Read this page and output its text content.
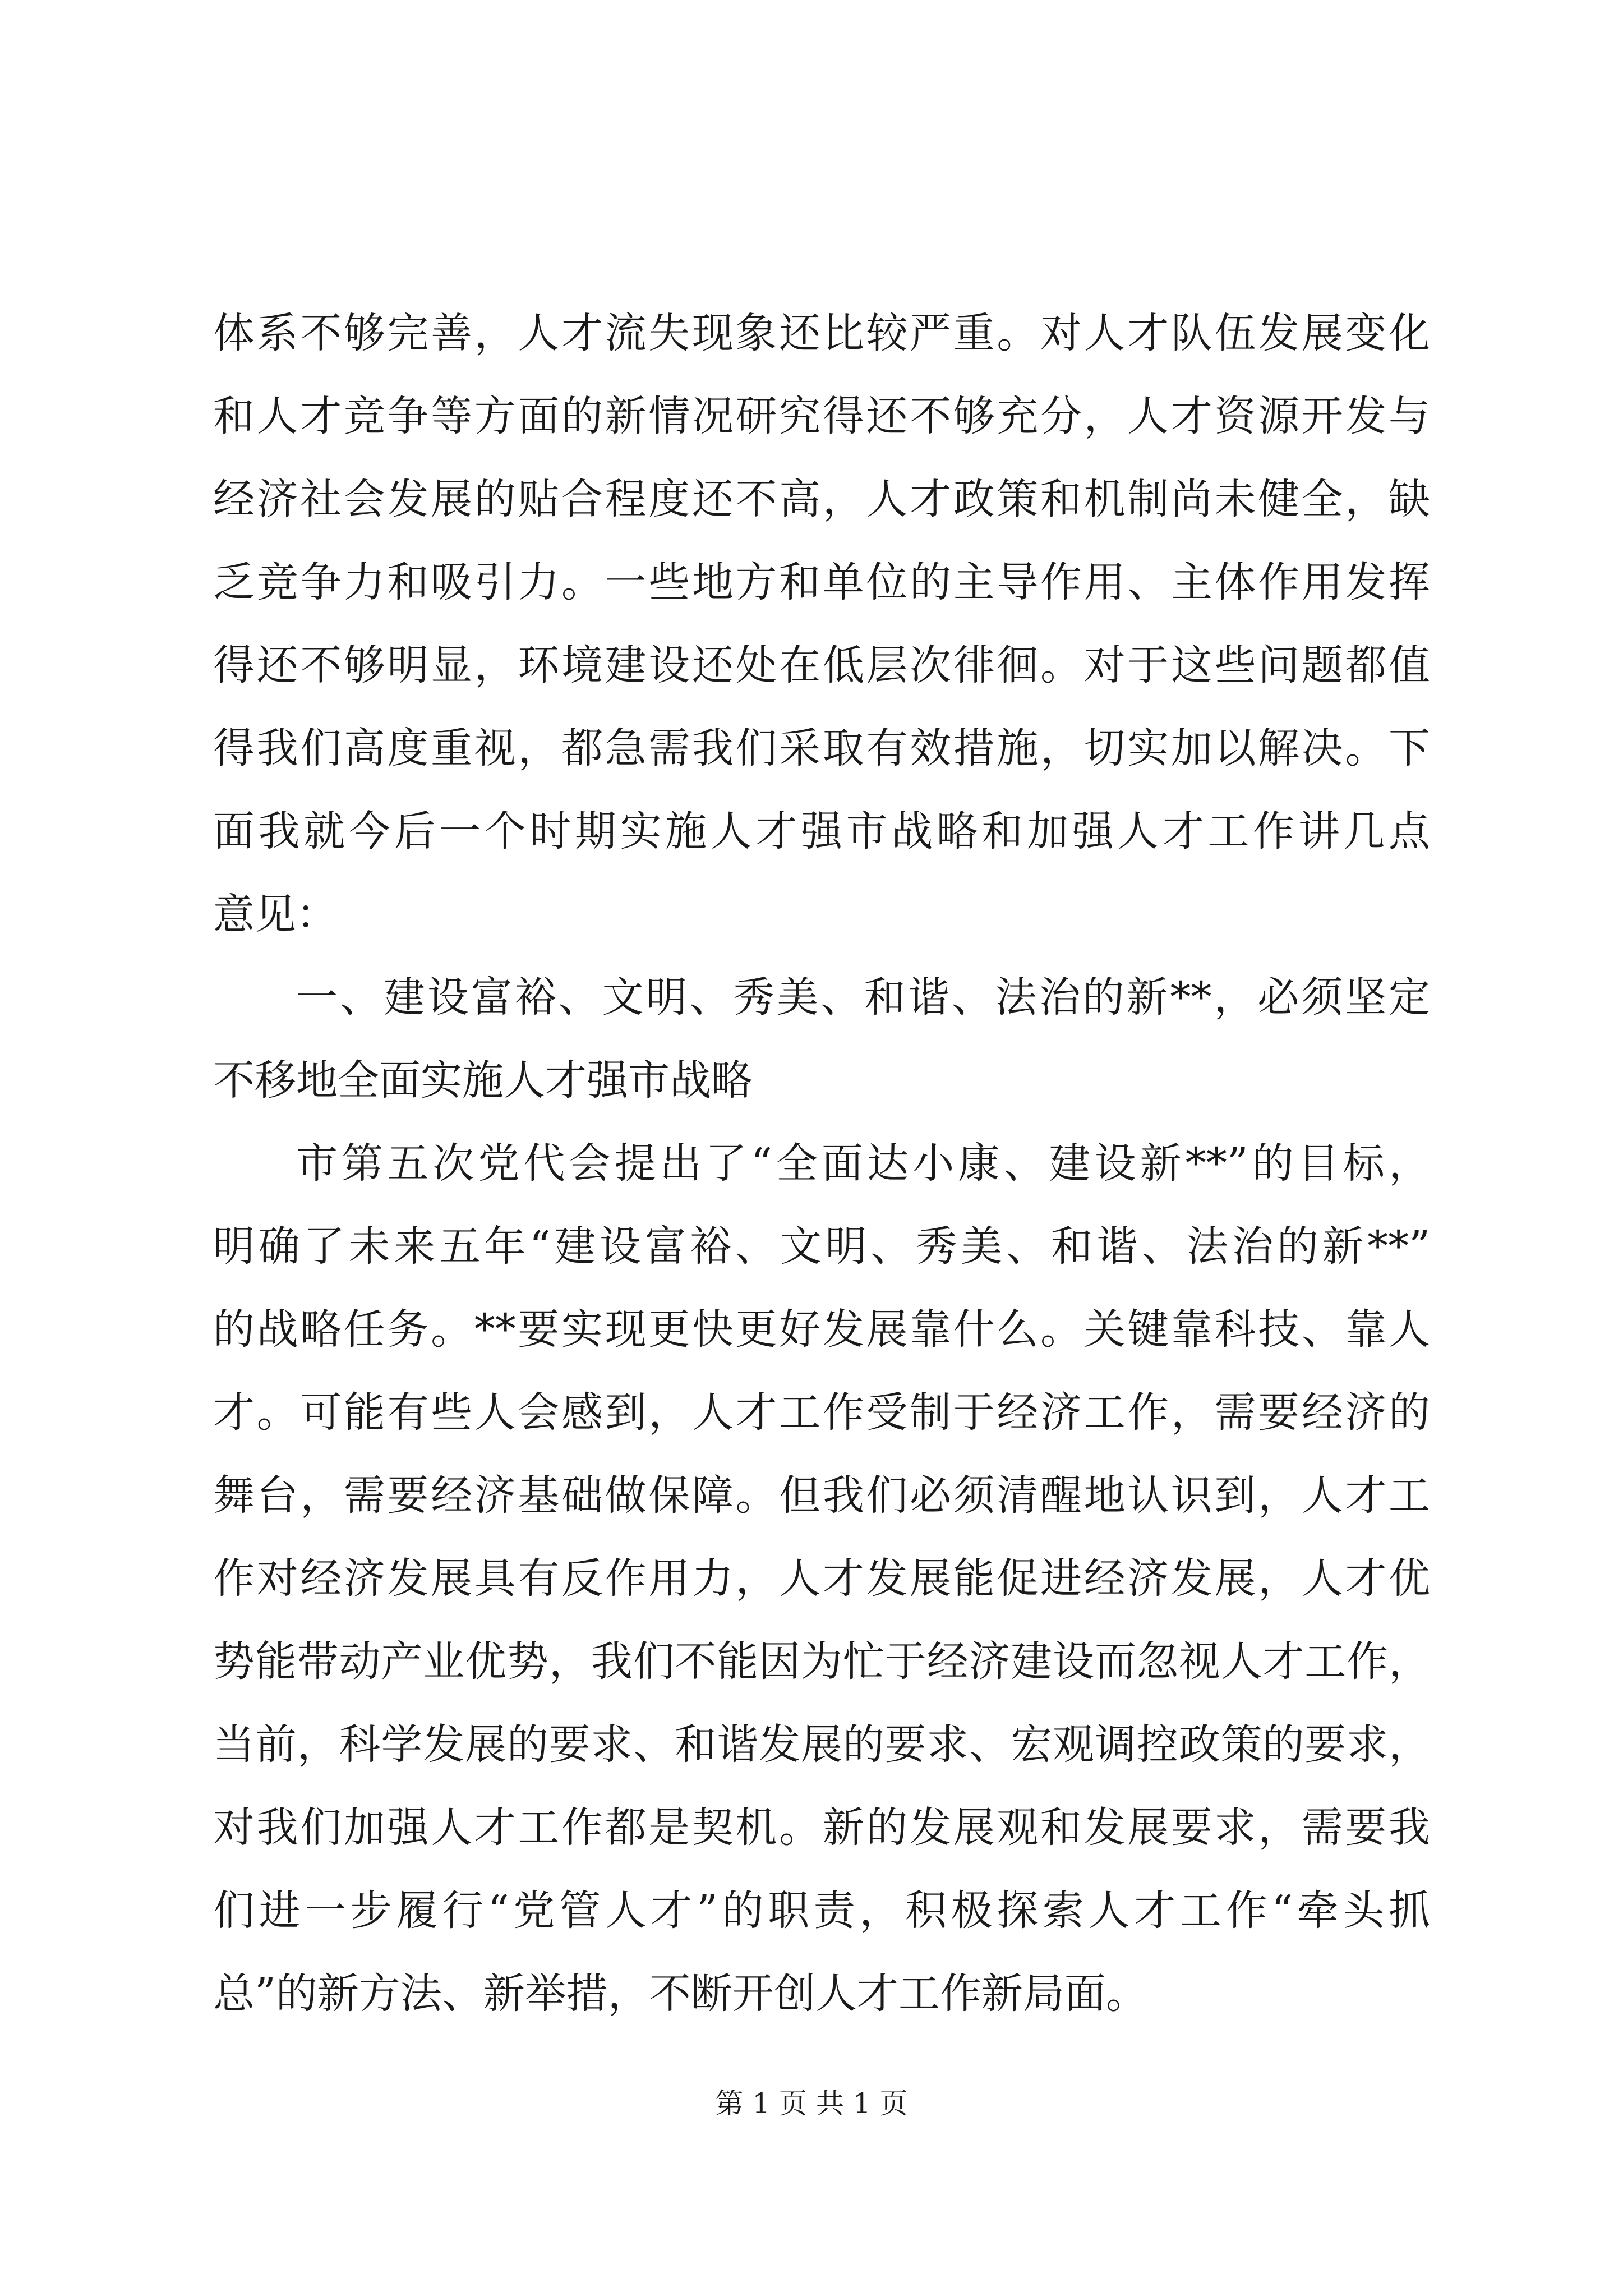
体系不够完善，人才流失现象还比较严重。对人才队伍发展变化
和人才竞争等方面的新情况研究得还不够充分，人才资源开发与
经济社会发展的贴合程度还不高，人才政策和机制尚未健全，缺
乏竞争力和吸引力。一些地方和单位的主导作用、主体作用发挥
得还不够明显，环境建设还处在低层次徘徊。对于这些问题都值
得我们高度重视，都急需我们采取有效措施，切实加以解决。下
面我就今后一个时期实施人才强市战略和加强人才工作讲几点
意见：
一、建设富裕、文明、秀美、和谐、法治的新**，必须坚定
不移地全面实施人才强市战略
市第五次党代会提出了“全面达小康、建设新**”的目标，
明确了未来五年“建设富裕、文明、秀美、和谐、法治的新**”
的战略任务。**要实现更快更好发展靠什么。关键靠科技、靠人
才。可能有些人会感到，人才工作受制于经济工作，需要经济的
舞台，需要经济基础做保障。但我们必须清醒地认识到，人才工
作对经济发展具有反作用力，人才发展能促进经济发展，人才优
势能带动产业优势，我们不能因为忙于经济建设而忽视人才工作，
当前，科学发展的要求、和谐发展的要求、宏观调控政策的要求，
对我们加强人才工作都是契机。新的发展观和发展要求，需要我
们进一步履行“党管人才”的职责，积极探索人才工作“牵头抓
总”的新方法、新举措，不断开创人才工作新局面。
第 1 页 共 1 页
